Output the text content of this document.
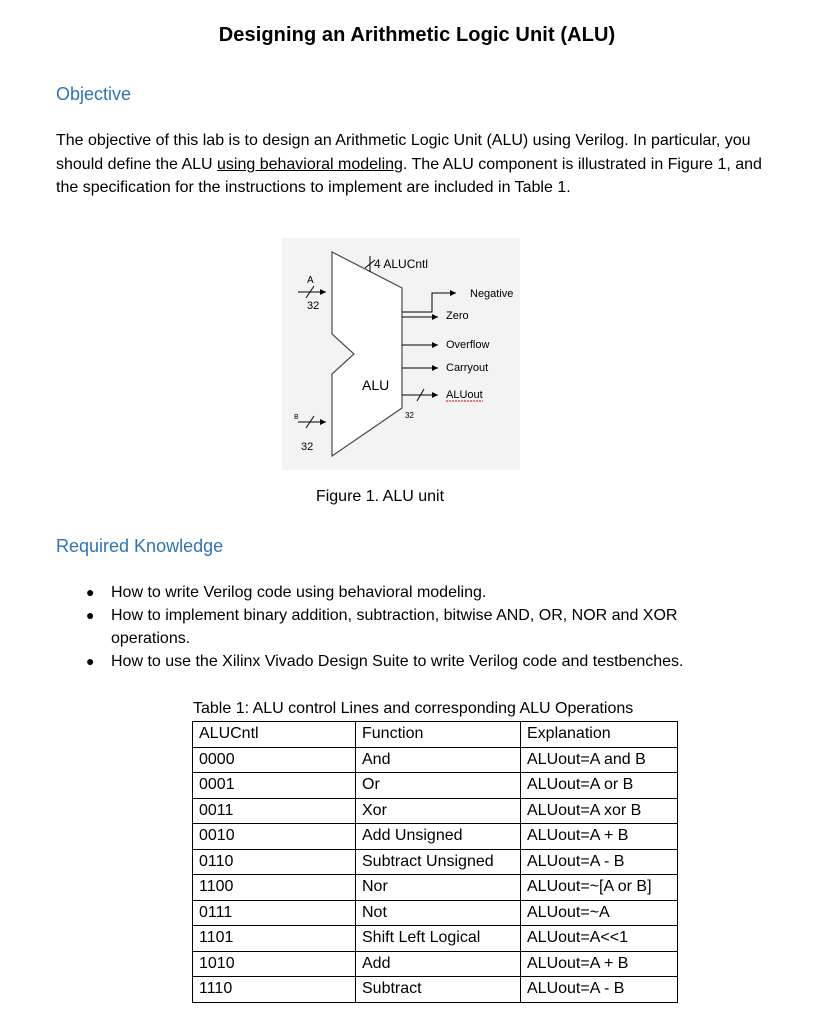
Designing an Arithmetic Logic Unit (ALU)
Objective
The objective of this lab is to design an Arithmetic Logic Unit (ALU) using Verilog. In particular, you should define the ALU using behavioral modeling. The ALU component is illustrated in Figure 1, and the specification for the instructions to implement are included in Table 1.
4 ALUCntl
A
32
B
32
ALU
Negative
Zero
Overflow
Carryout
ALUout
32
Figure 1. ALU unit
Required Knowledge
● How to write Verilog code using behavioral modeling.
● How to implement binary addition, subtraction, bitwise AND, OR, NOR and XOR operations.
● How to use the Xilinx Vivado Design Suite to write Verilog code and testbenches.
Table 1: ALU control Lines and corresponding ALU Operations
ALUCntl	Function	Explanation
0000	And	ALUout=A and B
0001	Or	ALUout=A or B
0011	Xor	ALUout=A xor B
0010	Add Unsigned	ALUout=A + B
0110	Subtract Unsigned	ALUout=A - B
1100	Nor	ALUout=~[A or B]
0111	Not	ALUout=~A
1101	Shift Left Logical	ALUout=A<<1
1010	Add	ALUout=A + B
1110	Subtract	ALUout=A - B
